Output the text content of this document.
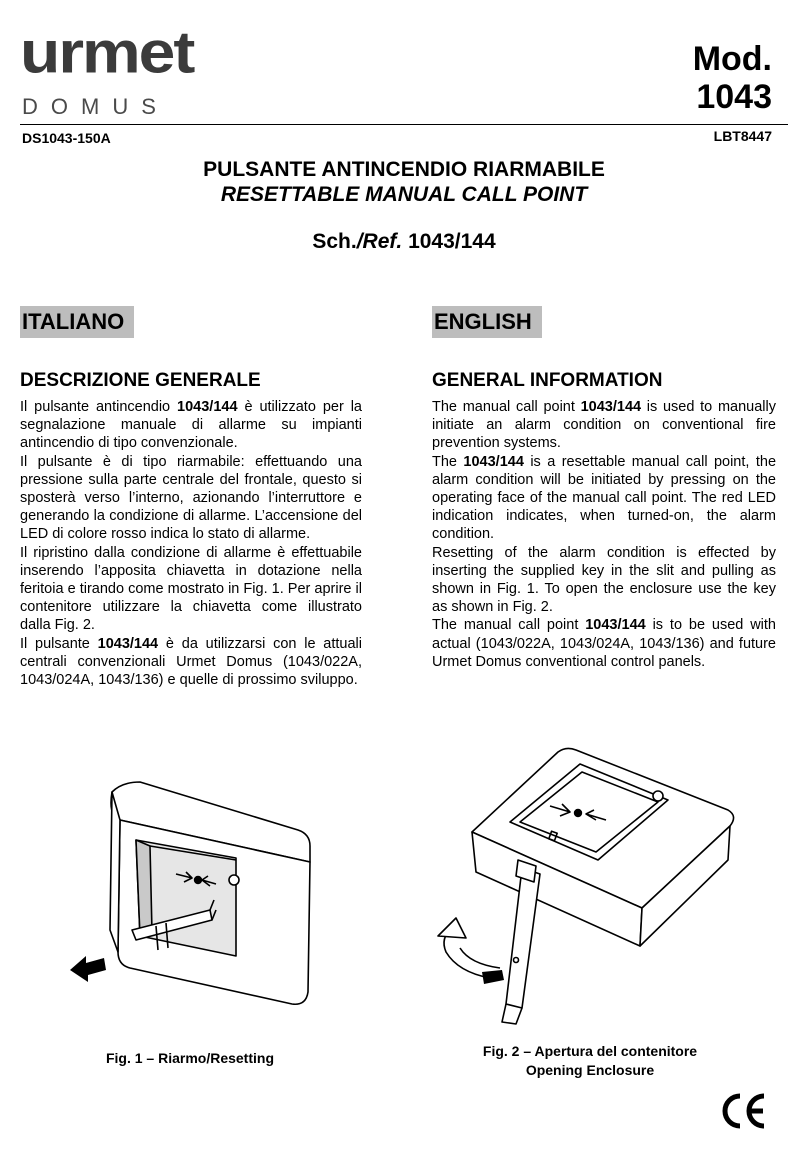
urmet
DOMUS
Mod.
1043
DS1043-150A	LBT8447
PULSANTE ANTINCENDIO RIARMABILE
RESETTABLE MANUAL CALL POINT
Sch./Ref. 1043/144
ITALIANO	ENGLISH
DESCRIZIONE GENERALE	GENERAL INFORMATION

Il pulsante antincendio 1043/144 è utilizzato per la segnalazione manuale di allarme su impianti antincendio di tipo convenzionale.

Il pulsante è di tipo riarmabile: effettuando una pressione sulla parte centrale del frontale, questo si sposterà verso l’interno, azionando l’interruttore e generando la condizione di allarme. L’accensione del LED di colore rosso indica lo stato di allarme.

Il ripristino dalla condizione di allarme è effettuabile inserendo l’apposita chiavetta in dotazione nella feritoia e tirando come mostrato in Fig. 1. Per aprire il contenitore utilizzare la chiavetta come illustrato dalla Fig. 2.

Il pulsante 1043/144 è da utilizzarsi con le attuali centrali convenzionali Urmet Domus (1043/022A, 1043/024A, 1043/136) e quelle di prossimo sviluppo.

The manual call point 1043/144 is used to manually initiate an alarm condition on conventional fire prevention systems.

The 1043/144 is a resettable manual call point, the alarm condition will be initiated by pressing on the operating face of the manual call point. The red LED indication indicates, when turned-on, the alarm condition.

Resetting of the alarm condition is effected by inserting the supplied key in the slit and pulling as shown in Fig. 1. To open the enclosure use the key as shown in Fig. 2.

The manual call point 1043/144 is to be used with actual (1043/022A, 1043/024A, 1043/136) and future Urmet Domus conventional control panels.

Fig. 1 – Riarmo/Resetting	Fig. 2 – Apertura del contenitore
Opening Enclosure
